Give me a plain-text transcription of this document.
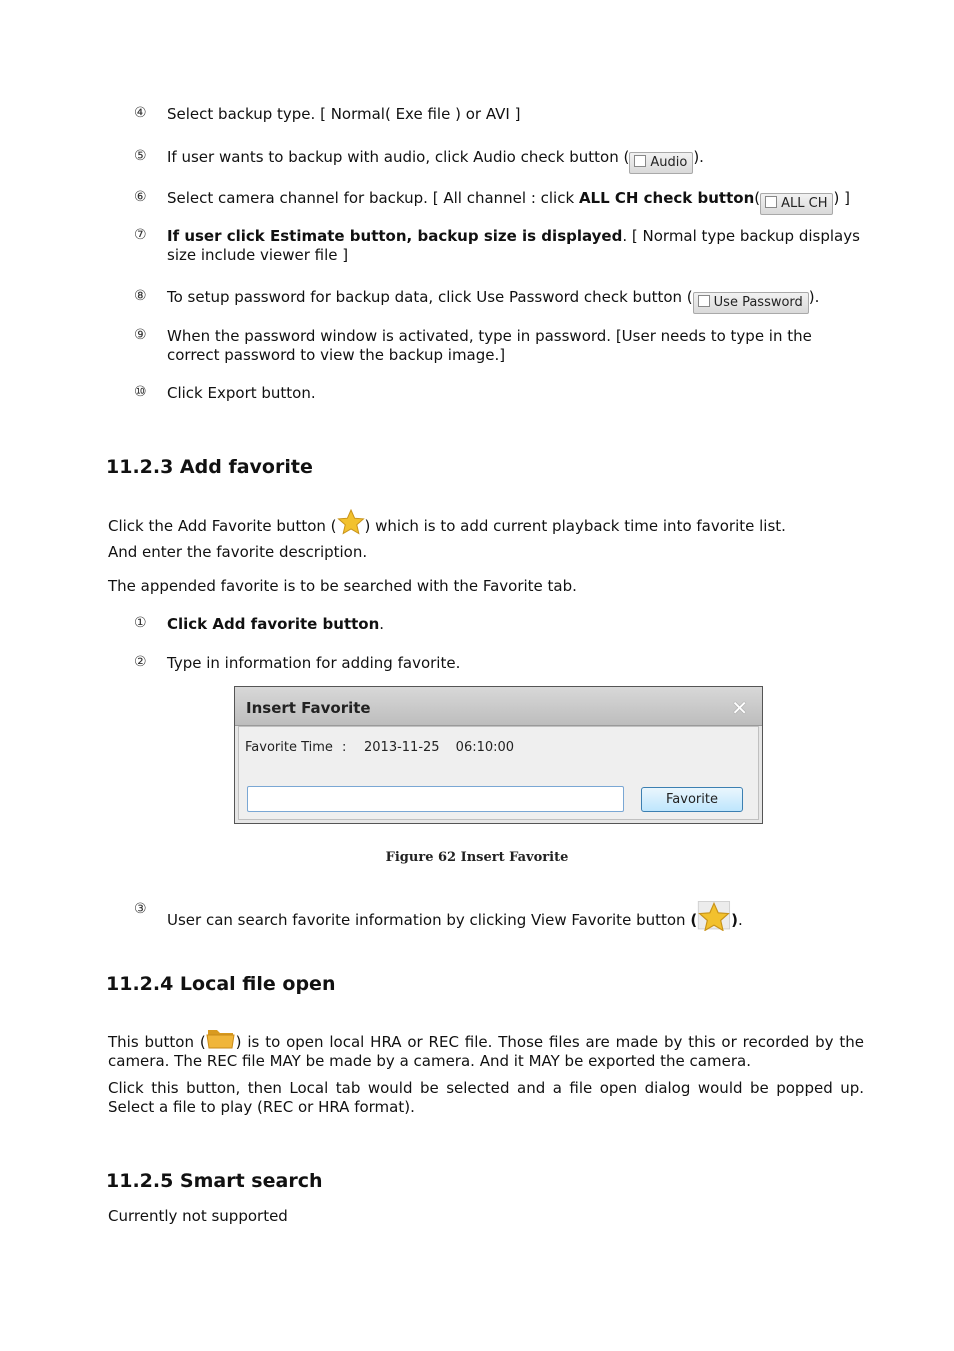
④	Select backup type. [ Normal( Exe file ) or AVI ]
⑤	If user wants to backup with audio, click Audio check button ( Audio ).
⑥	Select camera channel for backup. [ All channel : click ALL CH check button( ALL CH ) ]
⑦	If user click Estimate button, backup size is displayed. [ Normal type backup displays size include viewer file ]
⑧	To setup password for backup data, click Use Password check button ( Use Password ).
⑨	When the password window is activated, type in password. [User needs to type in the correct password to view the backup image.]
⑩	Click Export button.
11.2.3 Add favorite
Click the Add Favorite button ( ) which is to add current playback time into favorite list.
And enter the favorite description.
The appended favorite is to be searched with the Favorite tab.
①	Click Add favorite button.
②	Type in information for adding favorite.
Insert Favorite	✕
Favorite Time : 2013-11-25 06:10:00
Favorite
Figure 62 Insert Favorite
③
User can search favorite information by clicking View Favorite button ( ).
11.2.4 Local file open
This button ( ) is to open local HRA or REC file. Those files are made by this or recorded by the camera. The REC file MAY be made by a camera. And it MAY be exported the camera.
Click this button, then Local tab would be selected and a file open dialog would be popped up. Select a file to play (REC or HRA format).
11.2.5 Smart search
Currently not supported
